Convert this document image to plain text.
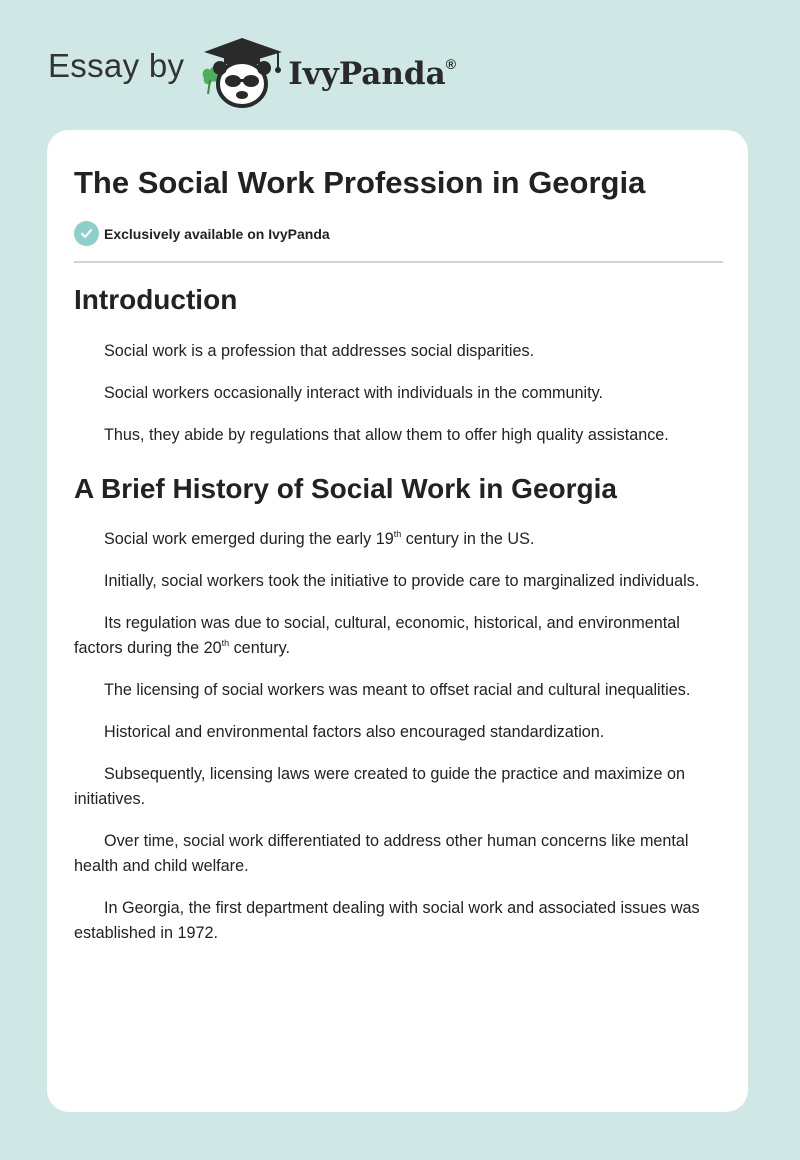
Essay by	IvyPanda®
The Social Work Profession in Georgia
Exclusively available on IvyPanda
Introduction

Social work is a profession that addresses social disparities.

Social workers occasionally interact with individuals in the community.

Thus, they abide by regulations that allow them to offer high quality assistance.

A Brief History of Social Work in Georgia

Social work emerged during the early 19th century in the US.

Initially, social workers took the initiative to provide care to marginalized individuals.

Its regulation was due to social, cultural, economic, historical, and environmental factors during the 20th century.

The licensing of social workers was meant to offset racial and cultural inequalities.

Historical and environmental factors also encouraged standardization.

Subsequently, licensing laws were created to guide the practice and maximize on initiatives.

Over time, social work differentiated to address other human concerns like mental health and child welfare.

In Georgia, the first department dealing with social work and associated issues was established in 1972.
